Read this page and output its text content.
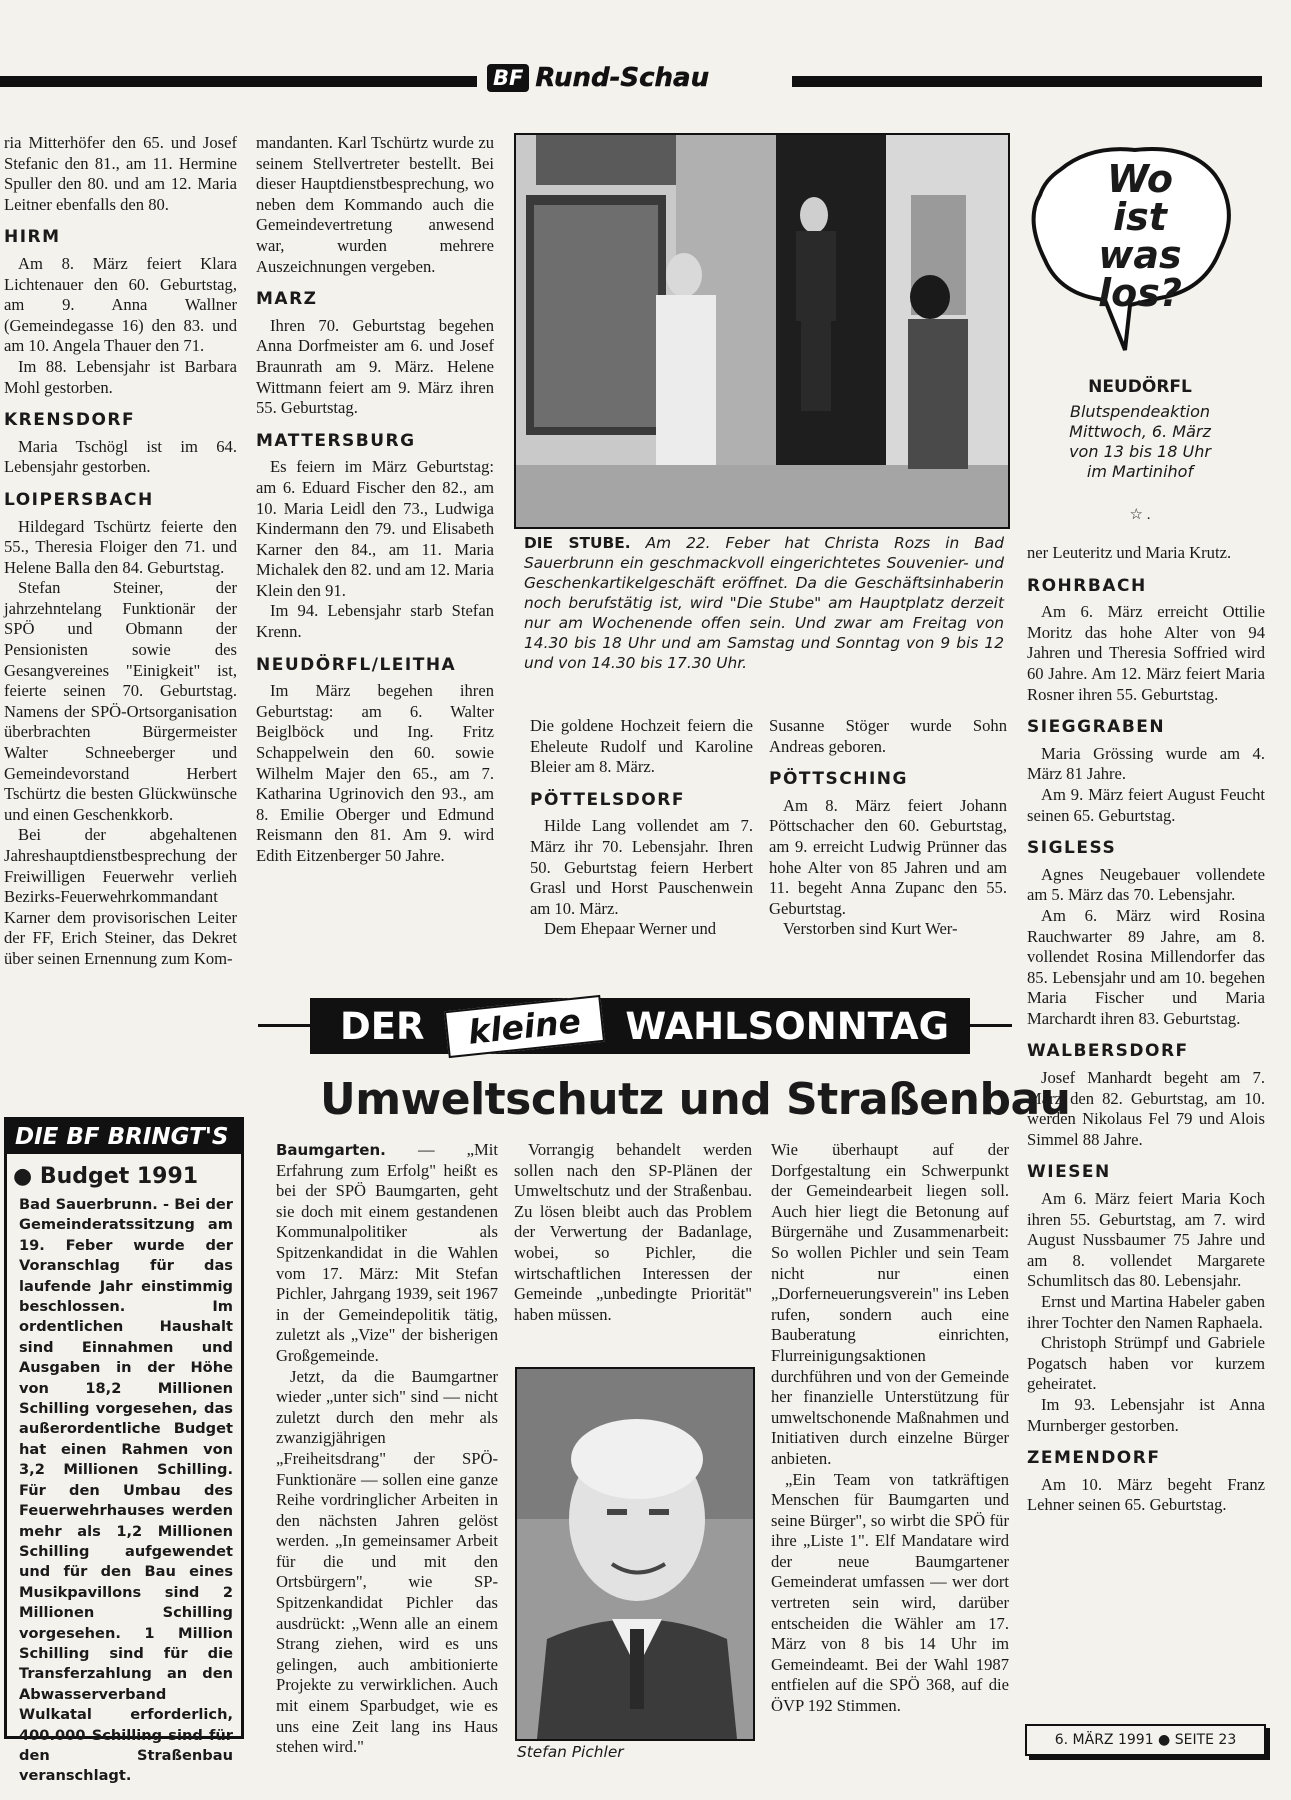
BF Rund-Schau

ria Mitterhöfer den 65. und Josef Stefanic den 81., am 11. Hermine Spuller den 80. und am 12. Maria Leitner ebenfalls den 80.

HIRM

Am 8. März feiert Klara Lichtenauer den 60. Geburtstag, am 9. Anna Wallner (Gemeindegasse 16) den 83. und am 10. Angela Thauer den 71.

Im 88. Lebensjahr ist Barbara Mohl gestorben.

KRENSDORF

Maria Tschögl ist im 64. Lebensjahr gestorben.

LOIPERSBACH

Hildegard Tschürtz feierte den 55., Theresia Floiger den 71. und Helene Balla den 84. Geburtstag.

Stefan Steiner, der jahrzehntelang Funktionär der SPÖ und Obmann der Pensionisten sowie des Gesangvereines "Einigkeit" ist, feierte seinen 70. Geburtstag. Namens der SPÖ-Ortsorganisation überbrachten Bürgermeister Walter Schneeberger und Gemeindevorstand Herbert Tschürtz die besten Glückwünsche und einen Geschenkkorb.

Bei der abgehaltenen Jahreshauptdienstbesprechung der Freiwilligen Feuerwehr verlieh Bezirks-Feuerwehrkommandant Karner dem provisorischen Leiter der FF, Erich Steiner, das Dekret über seinen Ernennung zum Kom-

mandanten. Karl Tschürtz wurde zu seinem Stellvertreter bestellt. Bei dieser Hauptdienstbesprechung, wo neben dem Kommando auch die Gemeindevertretung anwesend war, wurden mehrere Auszeichnungen vergeben.

MARZ

Ihren 70. Geburtstag begehen Anna Dorfmeister am 6. und Josef Braunrath am 9. März. Helene Wittmann feiert am 9. März ihren 55. Geburtstag.

MATTERSBURG

Es feiern im März Geburtstag: am 6. Eduard Fischer den 82., am 10. Maria Leidl den 73., Ludwiga Kindermann den 79. und Elisabeth Karner den 84., am 11. Maria Michalek den 82. und am 12. Maria Klein den 91.

Im 94. Lebensjahr starb Stefan Krenn.

NEUDÖRFL/LEITHA

Im März begehen ihren Geburtstag: am 6. Walter Beiglböck und Ing. Fritz Schappelwein den 60. sowie Wilhelm Majer den 65., am 7. Katharina Ugrinovich den 93., am 8. Emilie Oberger und Edmund Reismann den 81. Am 9. wird Edith Eitzenberger 50 Jahre.

DIE STUBE. Am 22. Feber hat Christa Rozs in Bad Sauerbrunn ein geschmackvoll eingerichtetes Souvenier- und Geschenkartikelgeschäft eröffnet. Da die Geschäftsinhaberin noch berufstätig ist, wird "Die Stube" am Hauptplatz derzeit nur am Wochenende offen sein. Und zwar am Freitag von 14.30 bis 18 Uhr und am Samstag und Sonntag von 9 bis 12 und von 14.30 bis 17.30 Uhr.

Die goldene Hochzeit feiern die Eheleute Rudolf und Karoline Bleier am 8. März.

PÖTTELSDORF

Hilde Lang vollendet am 7. März ihr 70. Lebensjahr. Ihren 50. Geburtstag feiern Herbert Grasl und Horst Pauschenwein am 10. März.

Dem Ehepaar Werner und

Susanne Stöger wurde Sohn Andreas geboren.

PÖTTSCHING

Am 8. März feiert Johann Pöttschacher den 60. Geburtstag, am 9. erreicht Ludwig Prünner das hohe Alter von 85 Jahren und am 11. begeht Anna Zupanc den 55. Geburtstag.

Verstorben sind Kurt Wer-

Wo
ist was
los?
NEUDÖRFL
Blutspendeaktion
Mittwoch, 6. März
von 13 bis 18 Uhr
im Martinihof
☆ .

ner Leuteritz und Maria Krutz.

ROHRBACH

Am 6. März erreicht Ottilie Moritz das hohe Alter von 94 Jahren und Theresia Soffried wird 60 Jahre. Am 12. März feiert Maria Rosner ihren 55. Geburtstag.

SIEGGRABEN

Maria Grössing wurde am 4. März 81 Jahre.

Am 9. März feiert August Feucht seinen 65. Geburtstag.

SIGLESS

Agnes Neugebauer vollendete am 5. März das 70. Lebensjahr.

Am 6. März wird Rosina Rauchwarter 89 Jahre, am 8. vollendet Rosina Millendorfer das 85. Lebensjahr und am 10. begehen Maria Fischer und Maria Marchardt ihren 83. Geburtstag.

WALBERSDORF

Josef Manhardt begeht am 7. März den 82. Geburtstag, am 10. werden Nikolaus Fel 79 und Alois Simmel 88 Jahre.

WIESEN

Am 6. März feiert Maria Koch ihren 55. Geburtstag, am 7. wird August Nussbaumer 75 Jahre und am 8. vollendet Margarete Schumlitsch das 80. Lebensjahr.

Ernst und Martina Habeler gaben ihrer Tochter den Namen Raphaela.

Christoph Strümpf und Gabriele Pogatsch haben vor kurzem geheiratet.

Im 93. Lebensjahr ist Anna Murnberger gestorben.

ZEMENDORF

Am 10. März begeht Franz Lehner seinen 65. Geburtstag.

DIE BF BRINGT'S
● Budget 1991
Bad Sauerbrunn. - Bei der Gemeinderatssitzung am 19. Feber wurde der Voranschlag für das laufende Jahr einstimmig beschlossen. Im ordentlichen Haushalt sind Einnahmen und Ausgaben in der Höhe von 18,2 Millionen Schilling vorgesehen, das außerordentliche Budget hat einen Rahmen von 3,2 Millionen Schilling. Für den Umbau des Feuerwehrhauses werden mehr als 1,2 Millionen Schilling aufgewendet und für den Bau eines Musikpavillons sind 2 Millionen Schilling vorgesehen. 1 Million Schilling sind für die Transferzahlung an den Abwasserverband Wulkatal erforderlich, 400.000 Schilling sind für den Straßenbau veranschlagt.
DER	kleine	WAHLSONNTAG
Umweltschutz und Straßenbau

Baumgarten. — „Mit Erfahrung zum Erfolg" heißt es bei der SPÖ Baumgarten, geht sie doch mit einem gestandenen Kommunalpolitiker als Spitzenkandidat in die Wahlen vom 17. März: Mit Stefan Pichler, Jahrgang 1939, seit 1967 in der Gemeindepolitik tätig, zuletzt als „Vize" der bisherigen Großgemeinde.

Jetzt, da die Baumgartner wieder „unter sich" sind — nicht zuletzt durch den mehr als zwanzigjährigen „Freiheitsdrang" der SPÖ-Funktionäre — sollen eine ganze Reihe vordringlicher Arbeiten in den nächsten Jahren gelöst werden. „In gemeinsamer Arbeit für die und mit den Ortsbürgern", wie SP-Spitzenkandidat Pichler das ausdrückt: „Wenn alle an einem Strang ziehen, wird es uns gelingen, auch ambitionierte Projekte zu verwirklichen. Auch mit einem Sparbudget, wie es uns eine Zeit lang ins Haus stehen wird."

Vorrangig behandelt werden sollen nach den SP-Plänen der Umweltschutz und der Straßenbau. Zu lösen bleibt auch das Problem der Verwertung der Badanlage, wobei, so Pichler, die wirtschaftlichen Interessen der Gemeinde „unbedingte Priorität" haben müssen.

Stefan Pichler

Wie überhaupt auf der Dorfgestaltung ein Schwerpunkt der Gemeindearbeit liegen soll. Auch hier liegt die Betonung auf Bürgernähe und Zusammenarbeit: So wollen Pichler und sein Team nicht nur einen „Dorferneuerungsverein" ins Leben rufen, sondern auch eine Bauberatung einrichten, Flurreinigungsaktionen durchführen und von der Gemeinde her finanzielle Unterstützung für umweltschonende Maßnahmen und Initiativen durch einzelne Bürger anbieten.

„Ein Team von tatkräftigen Menschen für Baumgarten und seine Bürger", so wirbt die SPÖ für ihre „Liste 1". Elf Mandatare wird der neue Baumgartener Gemeinderat umfassen — wer dort vertreten sein wird, darüber entscheiden die Wähler am 17. März von 8 bis 14 Uhr im Gemeindeamt. Bei der Wahl 1987 entfielen auf die SPÖ 368, auf die ÖVP 192 Stimmen.

6. MÄRZ 1991 ● SEITE 23
